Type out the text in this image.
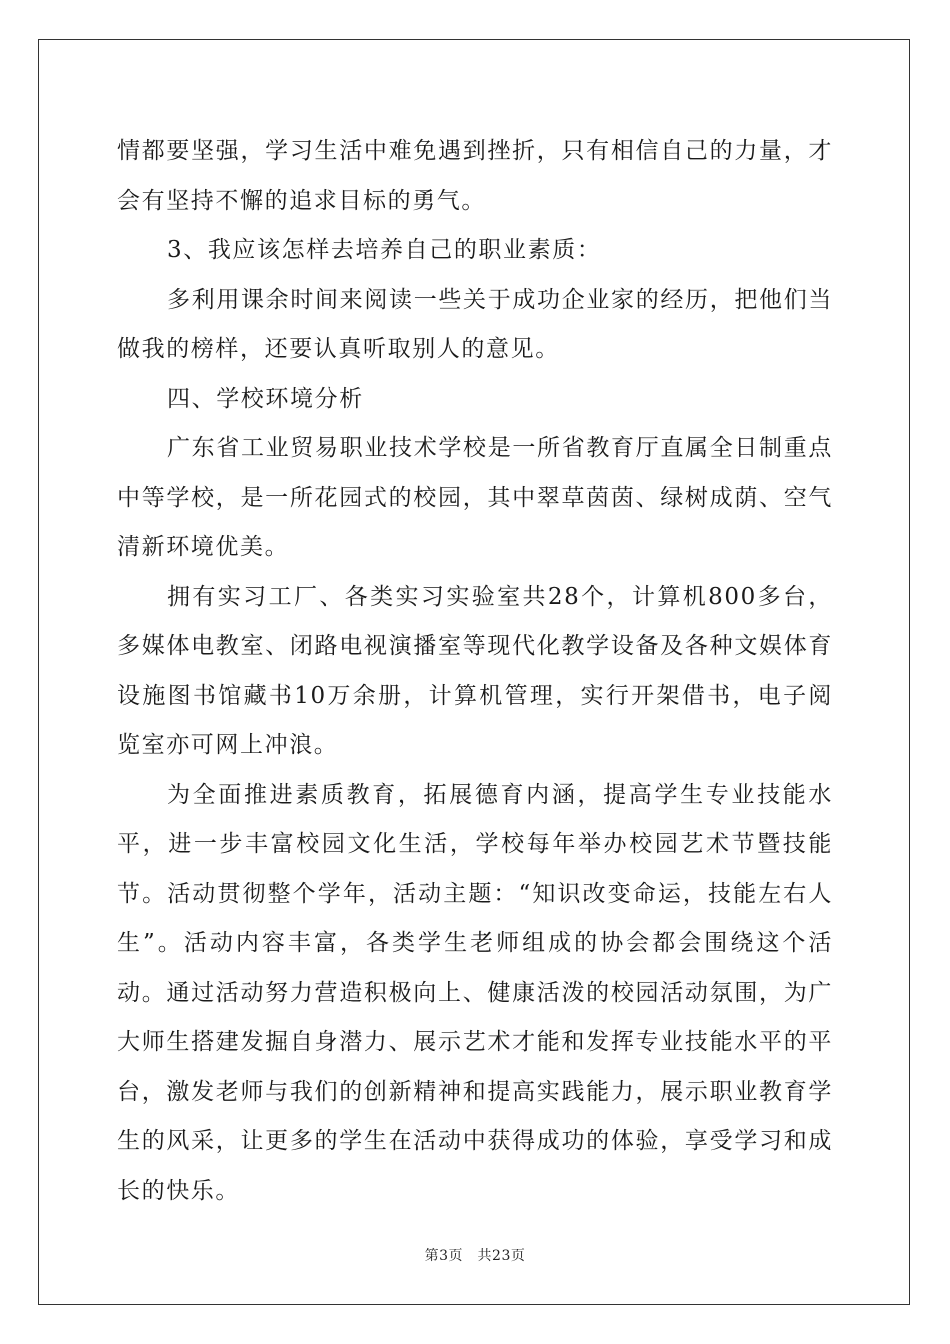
情都要坚强，学习生活中难免遇到挫折，只有相信自己的力量，才会有坚持不懈的追求目标的勇气。

3、我应该怎样去培养自己的职业素质：

多利用课余时间来阅读一些关于成功企业家的经历，把他们当做我的榜样，还要认真听取别人的意见。

四、学校环境分析

广东省工业贸易职业技术学校是一所省教育厅直属全日制重点中等学校，是一所花园式的校园，其中翠草茵茵、绿树成荫、空气清新环境优美。

拥有实习工厂、各类实习实验室共28个，计算机800多台，多媒体电教室、闭路电视演播室等现代化教学设备及各种文娱体育设施图书馆藏书10万余册，计算机管理，实行开架借书，电子阅览室亦可网上冲浪。

为全面推进素质教育，拓展德育内涵，提高学生专业技能水平，进一步丰富校园文化生活，学校每年举办校园艺术节暨技能节。活动贯彻整个学年，活动主题：“知识改变命运，技能左右人生”。活动内容丰富，各类学生老师组成的协会都会围绕这个活动。通过活动努力营造积极向上、健康活泼的校园活动氛围，为广大师生搭建发掘自身潜力、展示艺术才能和发挥专业技能水平的平台，激发老师与我们的创新精神和提高实践能力，展示职业教育学生的风采，让更多的学生在活动中获得成功的体验，享受学习和成长的快乐。

第3页　共23页
